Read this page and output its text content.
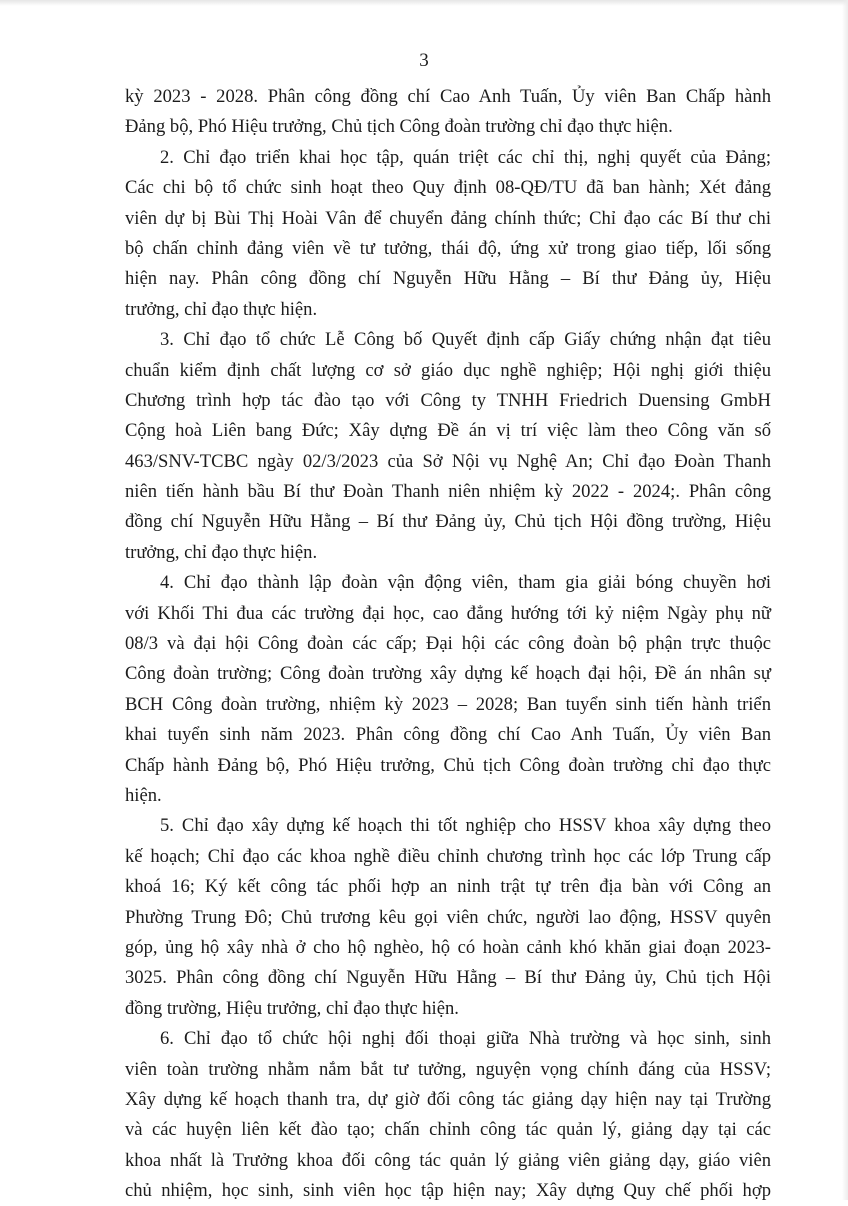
3
kỳ 2023 - 2028. Phân công đồng chí Cao Anh Tuấn, Ủy viên Ban Chấp hành
Đảng bộ, Phó Hiệu trưởng, Chủ tịch Công đoàn trường chỉ đạo thực hiện.
2. Chỉ đạo triển khai học tập, quán triệt các chỉ thị, nghị quyết của Đảng;
Các chi bộ tổ chức sinh hoạt theo Quy định 08-QĐ/TU đã ban hành; Xét đảng
viên dự bị Bùi Thị Hoài Vân để chuyển đảng chính thức; Chỉ đạo các Bí thư chi
bộ chấn chỉnh đảng viên về tư tưởng, thái độ, ứng xử trong giao tiếp, lối sống
hiện nay. Phân công đồng chí Nguyễn Hữu Hằng – Bí thư Đảng ủy, Hiệu
trưởng, chỉ đạo thực hiện.
3. Chỉ đạo tổ chức Lễ Công bố Quyết định cấp Giấy chứng nhận đạt tiêu
chuẩn kiểm định chất lượng cơ sở giáo dục nghề nghiệp; Hội nghị giới thiệu
Chương trình hợp tác đào tạo với Công ty TNHH Friedrich Duensing GmbH
Cộng hoà Liên bang Đức; Xây dựng Đề án vị trí việc làm theo Công văn số
463/SNV-TCBC ngày 02/3/2023 của Sở Nội vụ Nghệ An; Chỉ đạo Đoàn Thanh
niên tiến hành bầu Bí thư Đoàn Thanh niên nhiệm kỳ 2022 - 2024;. Phân công
đồng chí Nguyễn Hữu Hằng – Bí thư Đảng ủy, Chủ tịch Hội đồng trường, Hiệu
trưởng, chỉ đạo thực hiện.
4. Chỉ đạo thành lập đoàn vận động viên, tham gia giải bóng chuyền hơi
với Khối Thi đua các trường đại học, cao đẳng hướng tới kỷ niệm Ngày phụ nữ
08/3 và đại hội Công đoàn các cấp; Đại hội các công đoàn bộ phận trực thuộc
Công đoàn trường; Công đoàn trường xây dựng kế hoạch đại hội, Đề án nhân sự
BCH Công đoàn trường, nhiệm kỳ 2023 – 2028; Ban tuyển sinh tiến hành triển
khai tuyển sinh năm 2023. Phân công đồng chí Cao Anh Tuấn, Ủy viên Ban
Chấp hành Đảng bộ, Phó Hiệu trưởng, Chủ tịch Công đoàn trường chỉ đạo thực
hiện.
5. Chỉ đạo xây dựng kế hoạch thi tốt nghiệp cho HSSV khoa xây dựng theo
kế hoạch; Chỉ đạo các khoa nghề điều chỉnh chương trình học các lớp Trung cấp
khoá 16; Ký kết công tác phối hợp an ninh trật tự trên địa bàn với Công an
Phường Trung Đô; Chủ trương kêu gọi viên chức, người lao động, HSSV quyên
góp, ủng hộ xây nhà ở cho hộ nghèo, hộ có hoàn cảnh khó khăn giai đoạn 2023-
3025. Phân công đồng chí Nguyễn Hữu Hằng – Bí thư Đảng ủy, Chủ tịch Hội
đồng trường, Hiệu trưởng, chỉ đạo thực hiện.
6. Chỉ đạo tổ chức hội nghị đối thoại giữa Nhà trường và học sinh, sinh
viên toàn trường nhằm nắm bắt tư tưởng, nguyện vọng chính đáng của HSSV;
Xây dựng kế hoạch thanh tra, dự giờ đối công tác giảng dạy hiện nay tại Trường
và các huyện liên kết đào tạo; chấn chỉnh công tác quản lý, giảng dạy tại các
khoa nhất là Trưởng khoa đối công tác quản lý giảng viên giảng dạy, giáo viên
chủ nhiệm, học sinh, sinh viên học tập hiện nay; Xây dựng Quy chế phối hợp
